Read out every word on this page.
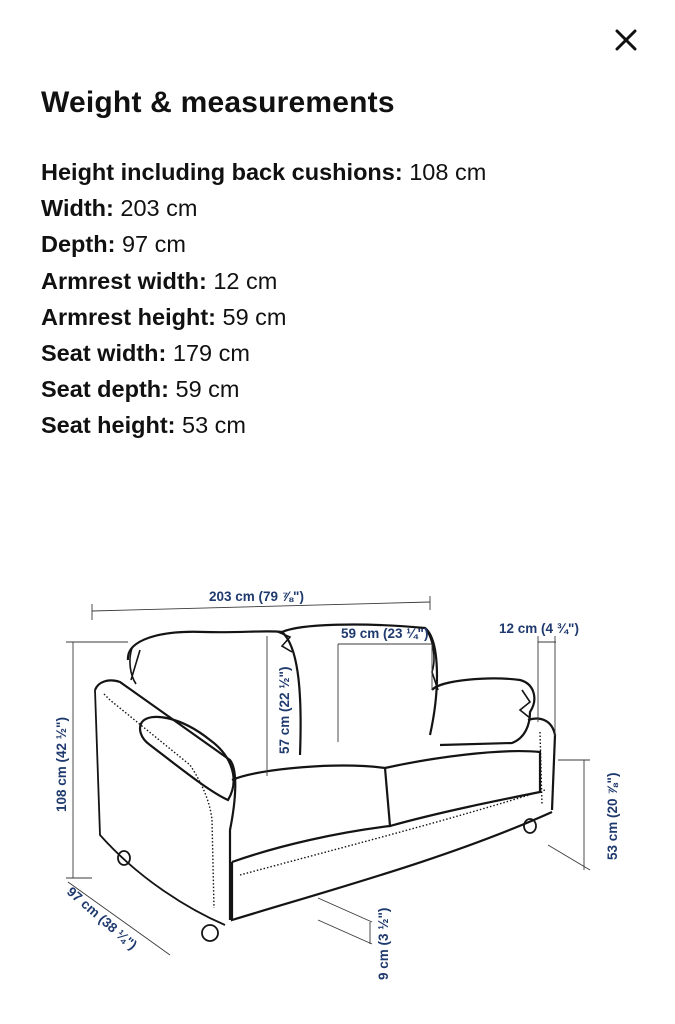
Weight & measurements
Height including back cushions: 108 cm
Width: 203 cm
Depth: 97 cm
Armrest width: 12 cm
Armrest height: 59 cm
Seat width: 179 cm
Seat depth: 59 cm
Seat height: 53 cm
203 cm (79 ⅞")
59 cm (23 ¼")	12 cm (4 ¾")
57 cm (22 ½")
108 cm (42 ½")
53 cm (20 ⅞")
97 cm (38 ¼")	9 cm (3 ½")
